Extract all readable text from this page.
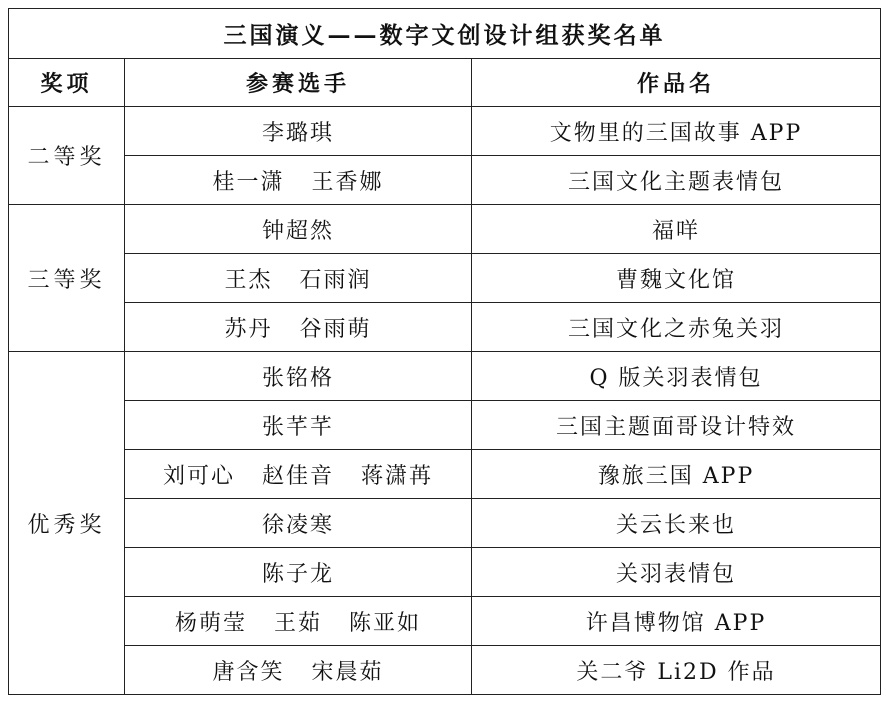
三国演义——数字文创设计组获奖名单		
奖项	参赛选手	作品名
二等奖	李璐琪	文物里的三国故事 APP
	桂一潇   王香娜	三国文化主题表情包
三等奖	钟超然	福咩
	王杰   石雨润	曹魏文化馆
	苏丹   谷雨萌	三国文化之赤兔关羽
优秀奖	张铭格	Q 版关羽表情包
	张芊芊	三国主题面哥设计特效
	刘可心   赵佳音   蒋潇苒	豫旅三国 APP
	徐凌寒	关云长来也
	陈子龙	关羽表情包
	杨萌莹   王茹   陈亚如	许昌博物馆 APP
	唐含笑   宋晨茹	关二爷 Li2D 作品
